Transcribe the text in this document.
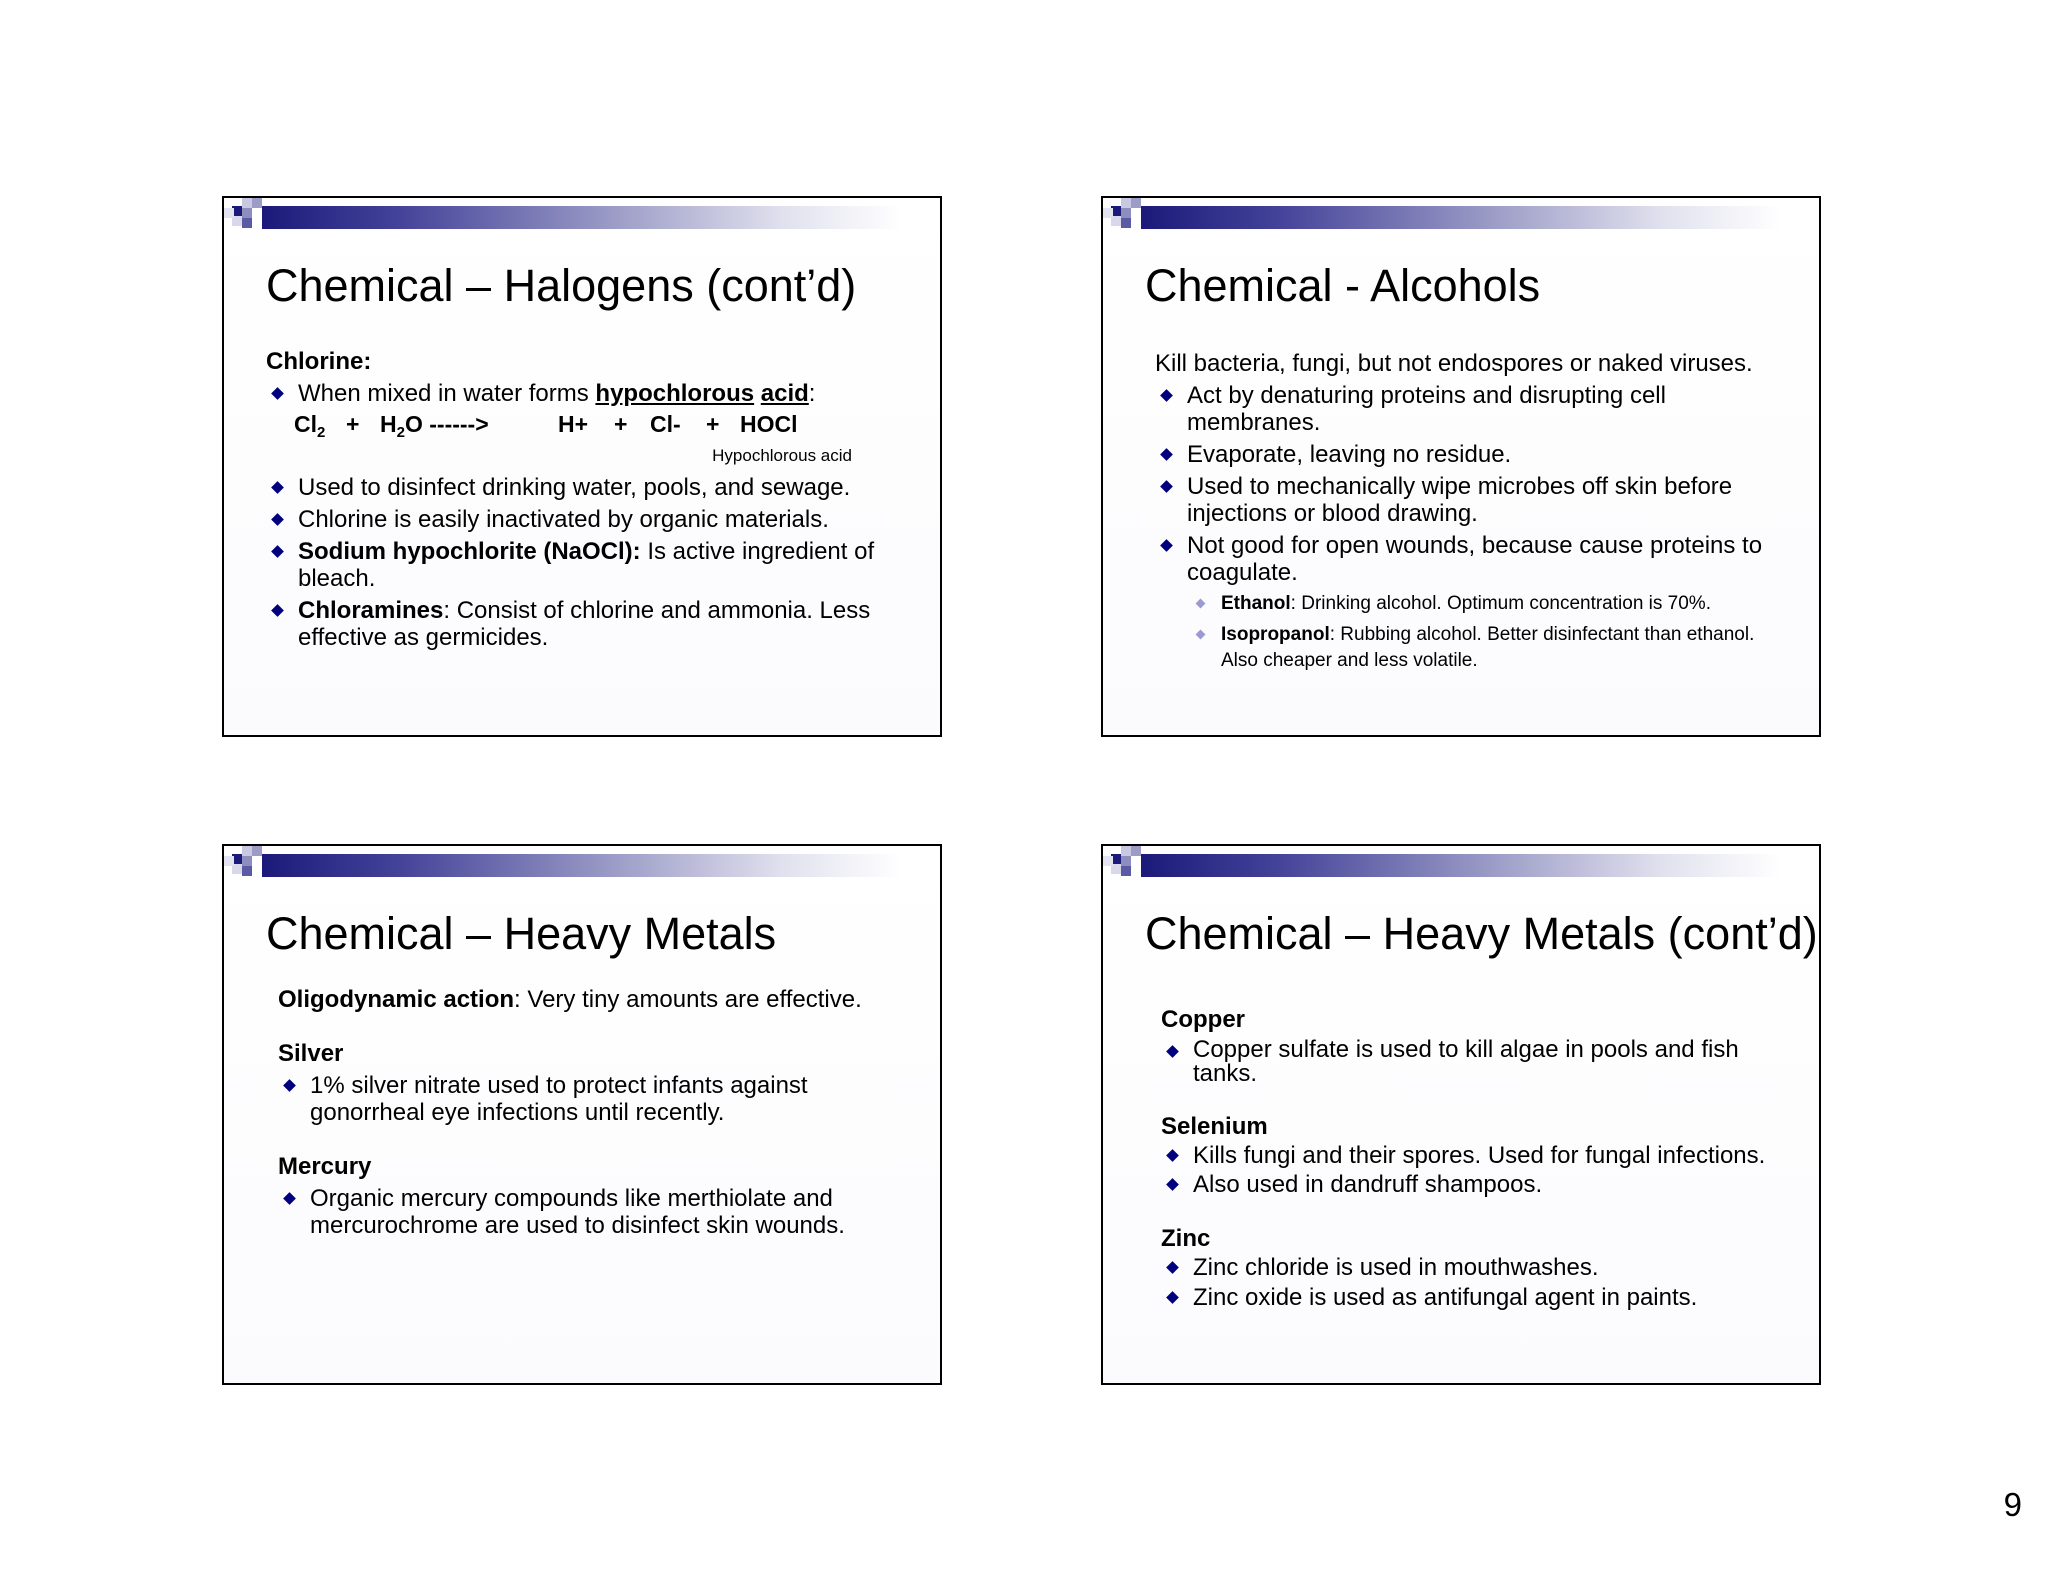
Chemical – Halogens (cont’d)
Chlorine:
When mixed in water forms hypochlorous acid:
$Cl_2 + H_2O$ ------>	H+ + Cl- + HOCl
Hypochlorous acid
Used to disinfect drinking water, pools, and sewage.
Chlorine is easily inactivated by organic materials.
Sodium hypochlorite (NaOCl): Is active ingredient of bleach.
Chloramines: Consist of chlorine and ammonia. Less effective as germicides.
Chemical - Alcohols
Kill bacteria, fungi, but not endospores or naked viruses.
Act by denaturing proteins and disrupting cell membranes.
Evaporate, leaving no residue.
Used to mechanically wipe microbes off skin before injections or blood drawing.
Not good for open wounds, because cause proteins to coagulate.
Ethanol: Drinking alcohol. Optimum concentration is 70%.
Isopropanol: Rubbing alcohol. Better disinfectant than ethanol. Also cheaper and less volatile.
Chemical – Heavy Metals
Oligodynamic action: Very tiny amounts are effective.
Silver
1% silver nitrate used to protect infants against gonorrheal eye infections until recently.
Mercury
Organic mercury compounds like merthiolate and mercurochrome are used to disinfect skin wounds.
Chemical – Heavy Metals (cont’d)
Copper
Copper sulfate is used to kill algae in pools and fish tanks.
Selenium
Kills fungi and their spores. Used for fungal infections.
Also used in dandruff shampoos.
Zinc
Zinc chloride is used in mouthwashes.
Zinc oxide is used as antifungal agent in paints.
9
